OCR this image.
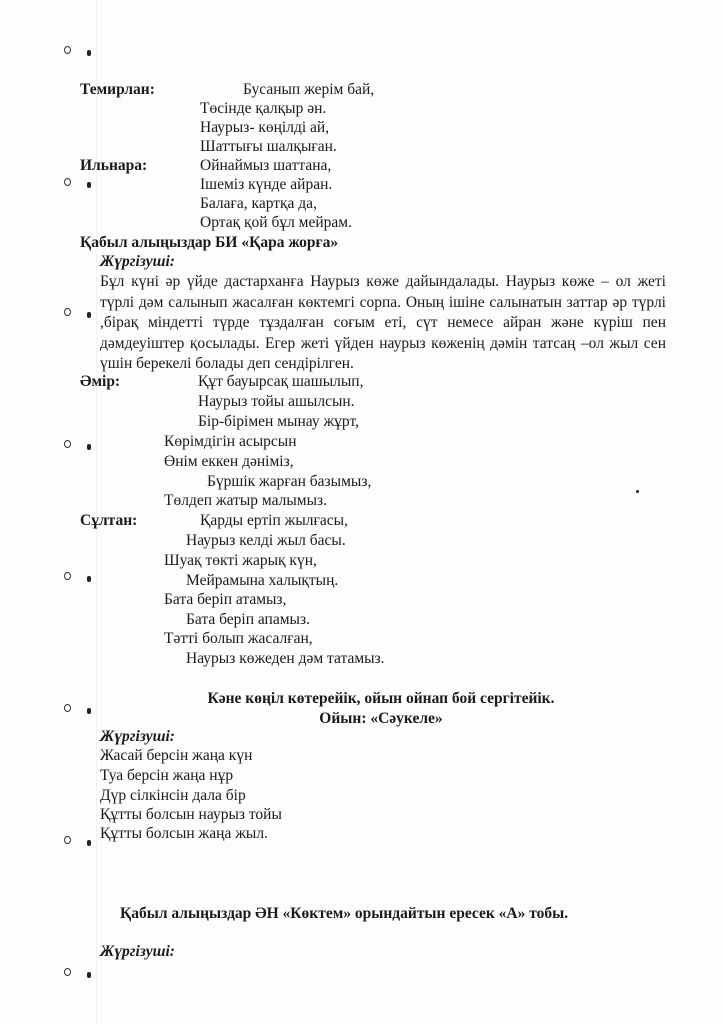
Темирлан:	Бусанып жерім бай,
Төсінде қалқыр ән.
Наурыз- көңілді ай,
Шаттығы шалқыған.
Ильнара:	Ойнаймыз шаттана,
Ішеміз күнде айран.
Балаға, картқа да,
Ортақ қой бұл мейрам.
Қабыл алыңыздар БИ «Қара жорға»
Жүргізуші:
Бұл күні әр үйде дастарханға Наурыз көже дайындалады. Наурыз көже – ол жеті түрлі дәм салынып жасалған көктемгі сорпа. Оның ішіне салынатын заттар әр түрлі ,бірақ міндетті түрде тұздалған соғым еті, сүт немесе айран және күріш пен дәмдеуіштер қосылады. Егер жеті үйден наурыз көженің дәмін татсаң –ол жыл сен үшін берекелі болады деп сендірілген.
Әмір:	Құт бауырсақ шашылып,
Наурыз тойы ашылсын.
Бір-бірімен мынау жұрт,
Көрімдігін асырсын
Өнім еккен дәніміз,
Бүршік жарған базымыз,
Төлдеп жатыр малымыз.
Сұлтан:	Қарды ертіп жылғасы,
Наурыз келді жыл басы.
Шуақ төкті жарық күн,
Мейрамына халықтың.
Бата беріп атамыз,
Бата беріп апамыз.
Тәтті болып жасалған,
Наурыз көжеден дәм татамыз.
Кәне көңіл көтерейік, ойын ойнап бой сергітейік.
Ойын: «Сәукеле»
Жүргізуші:
Жасай берсін жаңа күн
Туа берсін жаңа нұр
Дүр сілкінсін дала бір
Құтты болсын наурыз тойы
Құтты болсын жаңа жыл.
Қабыл алыңыздар ӘН «Көктем» орындайтын ересек «А» тобы.
Жүргізуші:
